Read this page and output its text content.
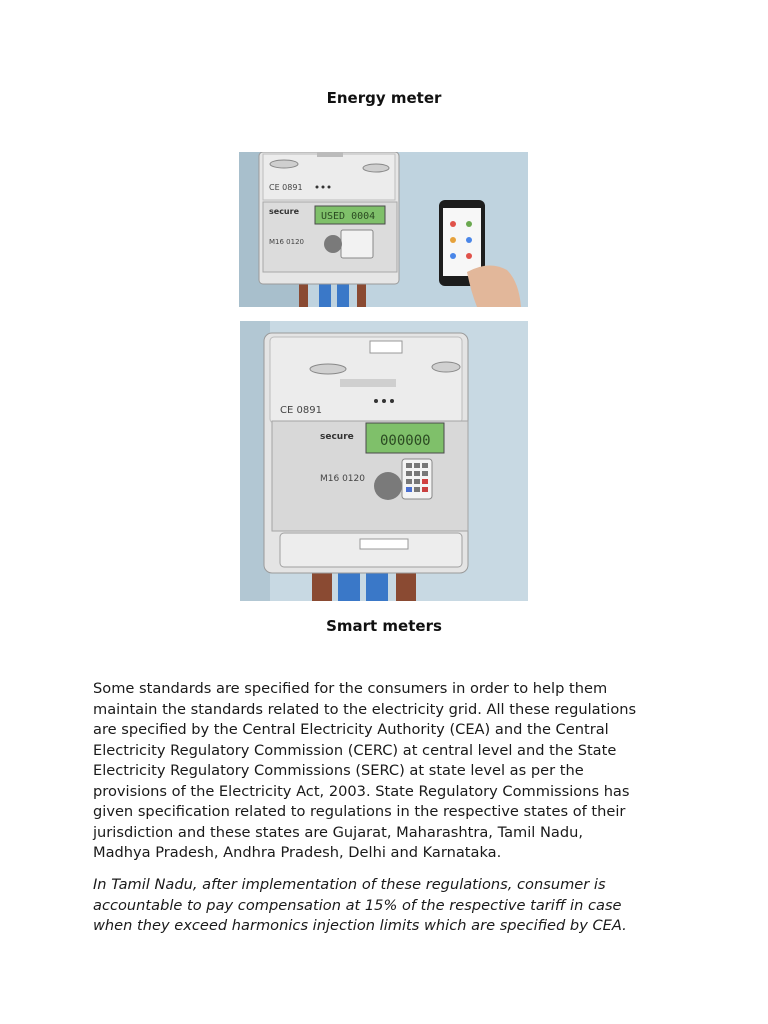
Energy meter
CE 0891
secure USED 0004
M16 0120
CE 0891
secure 000000
M16 0120
Smart meters

Some standards are specified for the consumers in order to help them
maintain the standards related to the electricity grid. All these regulations
are specified by the Central Electricity Authority (CEA) and the Central
Electricity Regulatory Commission (CERC) at central level and the State
Electricity Regulatory Commissions (SERC) at state level as per the
provisions of the Electricity Act, 2003. State Regulatory Commissions has
given specification related to regulations in the respective states of their
jurisdiction and these states are Gujarat, Maharashtra, Tamil Nadu,
Madhya Pradesh, Andhra Pradesh, Delhi and Karnataka.

In Tamil Nadu, after implementation of these regulations, consumer is
accountable to pay compensation at 15% of the respective tariff in case
when they exceed harmonics injection limits which are specified by CEA.
